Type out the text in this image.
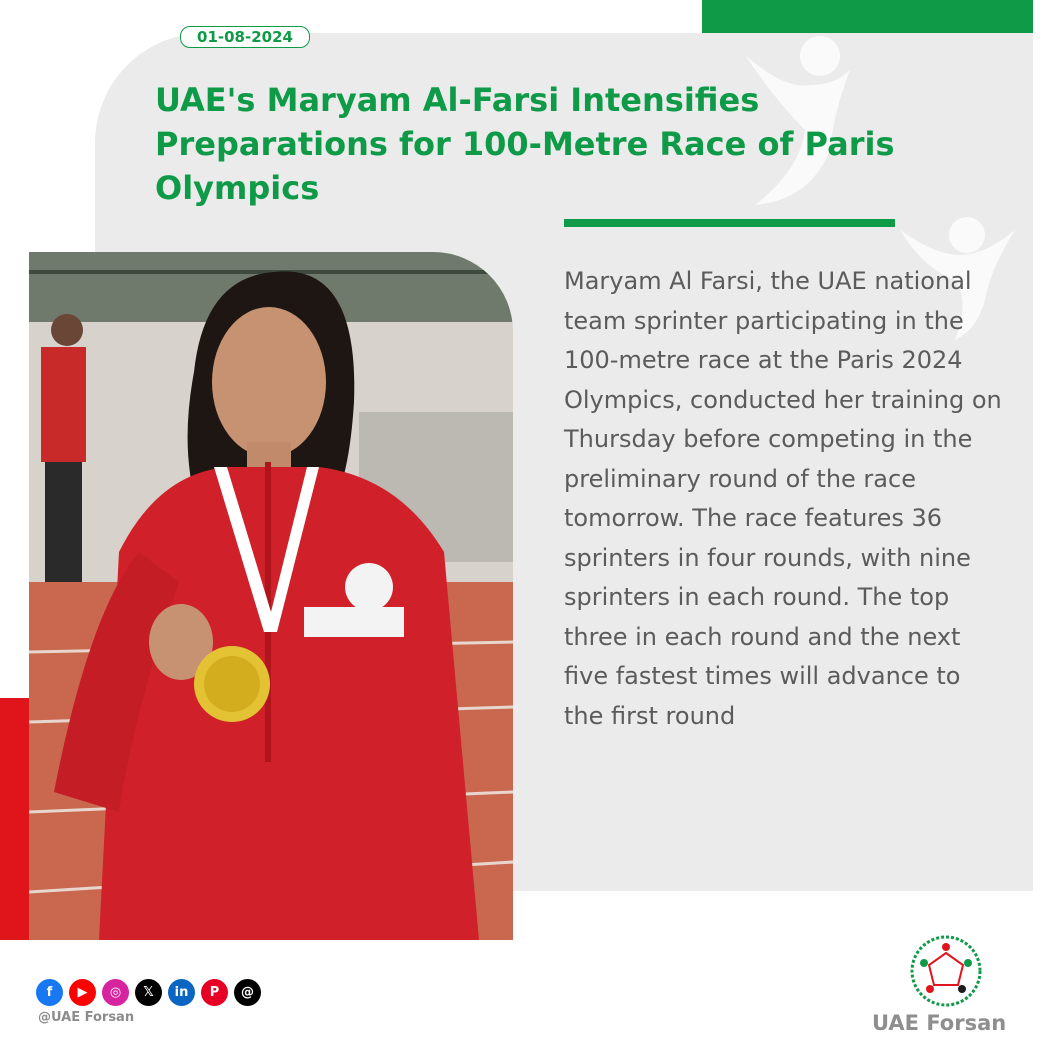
01-08-2024
UAE's Maryam Al-Farsi Intensifies Preparations for 100-Metre Race of Paris Olympics

Maryam Al Farsi, the UAE national team sprinter participating in the 100-metre race at the Paris 2024 Olympics, conducted her training on Thursday before competing in the preliminary round of the race tomorrow. The race features 36 sprinters in four rounds, with nine sprinters in each round. The top three in each round and the next five fastest times will advance to the first round

f	▶	◎	𝕏	in	P	@
@UAE Forsan	UAE Forsan
